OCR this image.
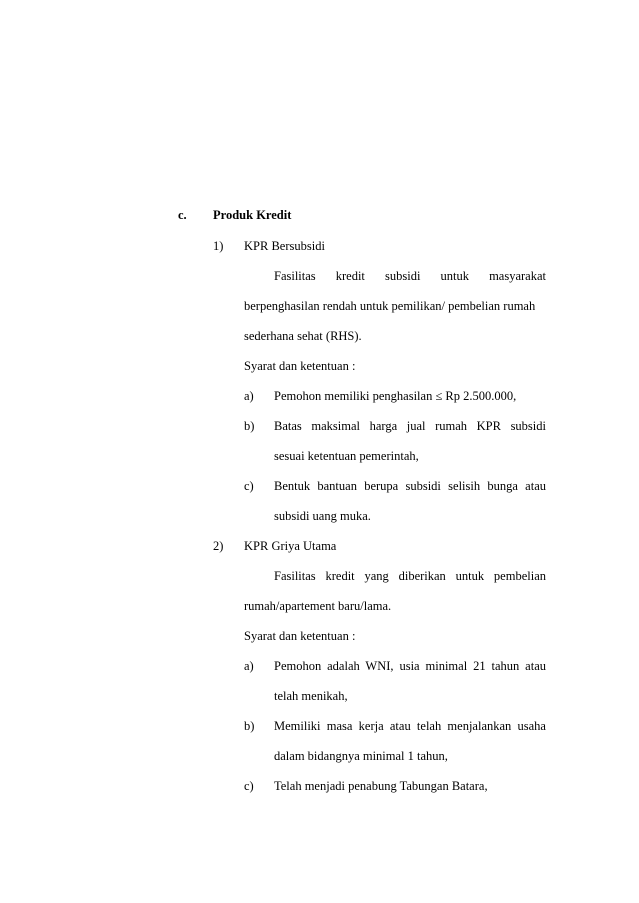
c. Produk Kredit
1) KPR Bersubsidi
Fasilitas kredit subsidi untuk masyarakat
berpenghasilan rendah untuk pemilikan/ pembelian rumah
sederhana sehat (RHS).
Syarat dan ketentuan :
a) Pemohon memiliki penghasilan ≤ Rp 2.500.000,
b) Batas maksimal harga jual rumah KPR subsidi
sesuai ketentuan pemerintah,
c) Bentuk bantuan berupa subsidi selisih bunga atau
subsidi uang muka.
2) KPR Griya Utama
Fasilitas kredit yang diberikan untuk pembelian
rumah/apartement baru/lama.
Syarat dan ketentuan :
a) Pemohon adalah WNI, usia minimal 21 tahun atau
telah menikah,
b) Memiliki masa kerja atau telah menjalankan usaha
dalam bidangnya minimal 1 tahun,
c) Telah menjadi penabung Tabungan Batara,
